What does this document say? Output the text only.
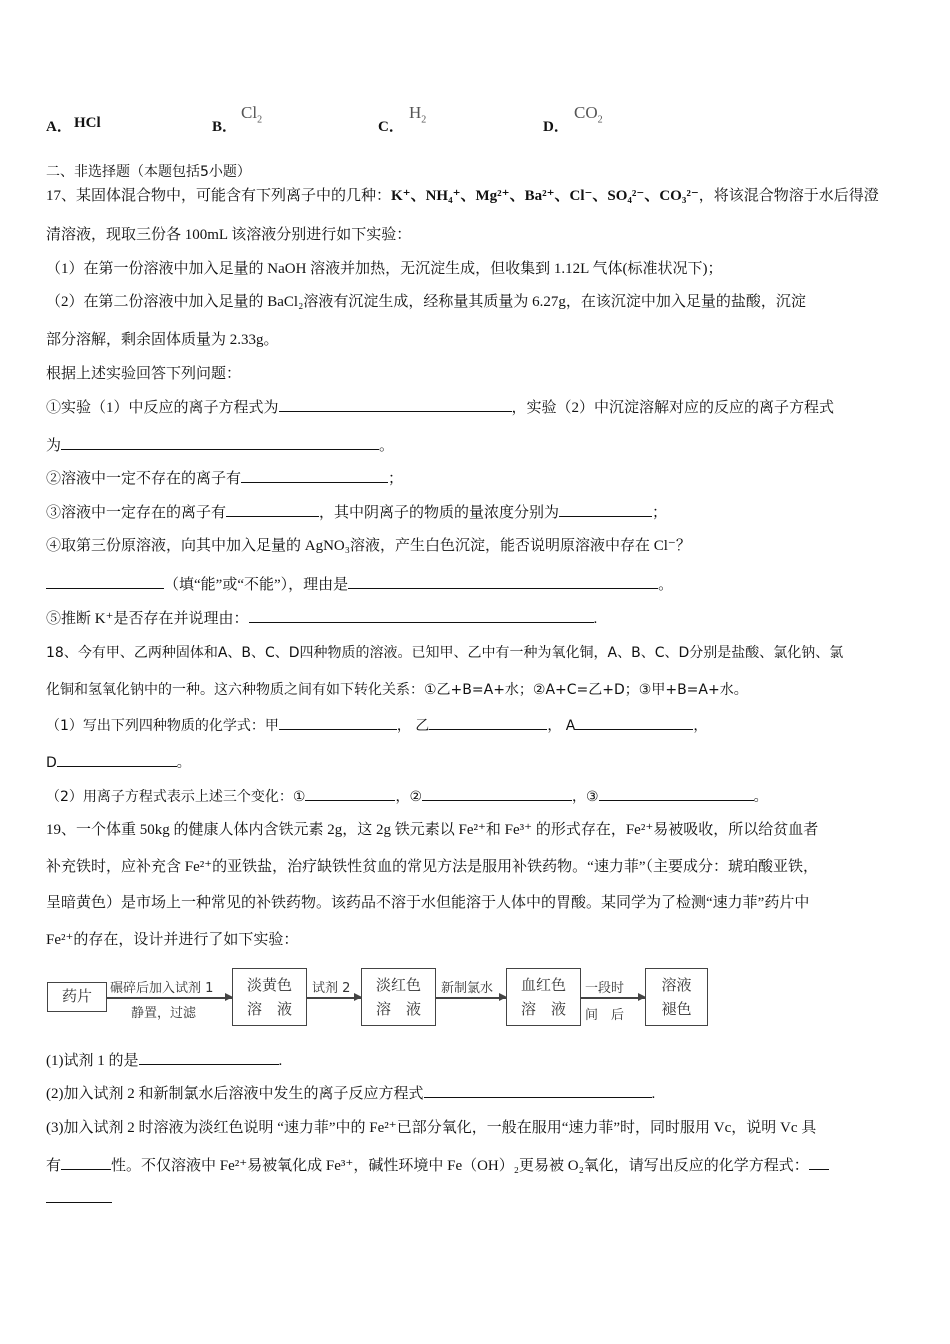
A． HCl	B．
$Cl_2$	C．
$H_2$	D．
$CO_2$
二、非选择题（本题包括5小题）
17、某固体混合物中，可能含有下列离子中的几种：K⁺、NH₄⁺、Mg²⁺、Ba²⁺、Cl⁻、SO₄²⁻、CO₃²⁻，将该混合物溶于水后得澄
清溶液，现取三份各 100mL 该溶液分别进行如下实验：
（1）在第一份溶液中加入足量的 NaOH 溶液并加热，无沉淀生成，但收集到 1.12L 气体(标准状况下)；
（2）在第二份溶液中加入足量的 BaCl₂溶液有沉淀生成，经称量其质量为 6.27g，在该沉淀中加入足量的盐酸，沉淀
部分溶解，剩余固体质量为 2.33g。
根据上述实验回答下列问题：
①实验（1）中反应的离子方程式为	，实验（2）中沉淀溶解对应的反应的离子方程式
为	。
②溶液中一定不存在的离子有	；
③溶液中一定存在的离子有	，其中阴离子的物质的量浓度分别为	；
④取第三份原溶液，向其中加入足量的 AgNO₃溶液，产生白色沉淀，能否说明原溶液中存在 Cl⁻？
（填“能”或“不能”），理由是	。
⑤推断 K⁺是否存在并说理由：	.
18、今有甲、乙两种固体和A、B、C、D四种物质的溶液。已知甲、乙中有一种为氧化铜，A、B、C、D分别是盐酸、氯化钠、氯
化铜和氢氧化钠中的一种。这六种物质之间有如下转化关系：①乙+B=A+水；②A+C=乙+D；③甲+B=A+水。
（1）写出下列四种物质的化学式：甲	， 乙	， A	，
D	。
（2）用离子方程式表示上述三个变化：①	，②	，③	。
19、一个体重 50kg 的健康人体内含铁元素 2g，这 2g 铁元素以 Fe²⁺和 Fe³⁺ 的形式存在，Fe²⁺易被吸收，所以给贫血者
补充铁时，应补充含 Fe²⁺的亚铁盐，治疗缺铁性贫血的常见方法是服用补铁药物。“速力菲”（主要成分：琥珀酸亚铁，
呈暗黄色）是市场上一种常见的补铁药物。该药品不溶于水但能溶于人体中的胃酸。某同学为了检测“速力菲”药片中
Fe²⁺的存在，设计并进行了如下实验：
药片	碾碎后加入试剂 1
静置，过滤
淡黄色
溶　液
试剂 2	淡红色
溶　液
新制氯水	血红色
溶　液
一段时
间　后
溶液
褪色
(1)试剂 1 的是	.
(2)加入试剂 2 和新制氯水后溶液中发生的离子反应方程式	.
(3)加入试剂 2 时溶液为淡红色说明 “速力菲”中的 Fe²⁺已部分氧化，一般在服用“速力菲”时，同时服用 Vc，说明 Vc 具
有	性。不仅溶液中 Fe²⁺易被氧化成 Fe³⁺，碱性环境中 Fe（OH）₂更易被 O₂氧化，请写出反应的化学方程式：
